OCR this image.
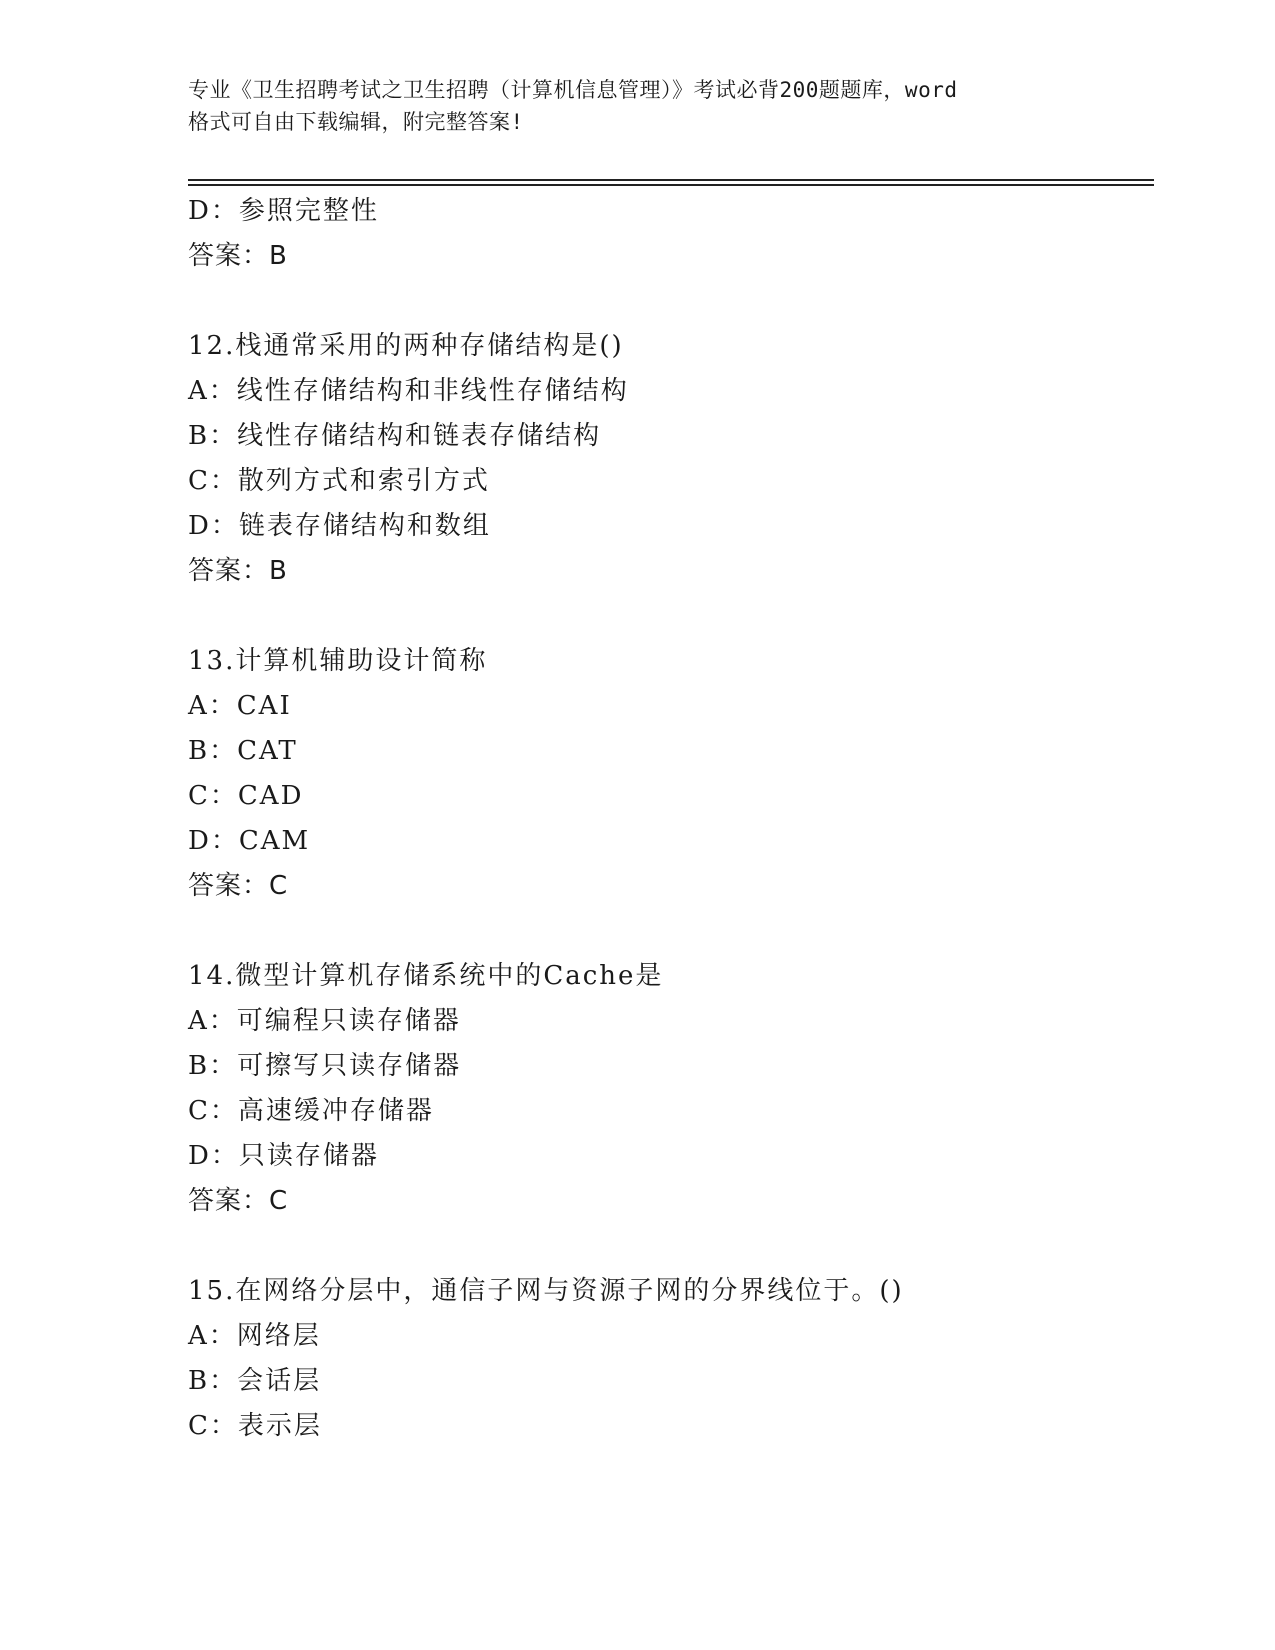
专业《卫生招聘考试之卫生招聘（计算机信息管理）》考试必背200题题库，word
格式可自由下载编辑，附完整答案!
D：参照完整性
答案：B
12.栈通常采用的两种存储结构是()
A：线性存储结构和非线性存储结构
B：线性存储结构和链表存储结构
C：散列方式和索引方式
D：链表存储结构和数组
答案：B
13.计算机辅助设计简称
A：CAI
B：CAT
C：CAD
D：CAM
答案：C
14.微型计算机存储系统中的Cache是
A：可编程只读存储器
B：可擦写只读存储器
C：高速缓冲存储器
D：只读存储器
答案：C
15.在网络分层中，通信子网与资源子网的分界线位于。()
A：网络层
B：会话层
C：表示层
